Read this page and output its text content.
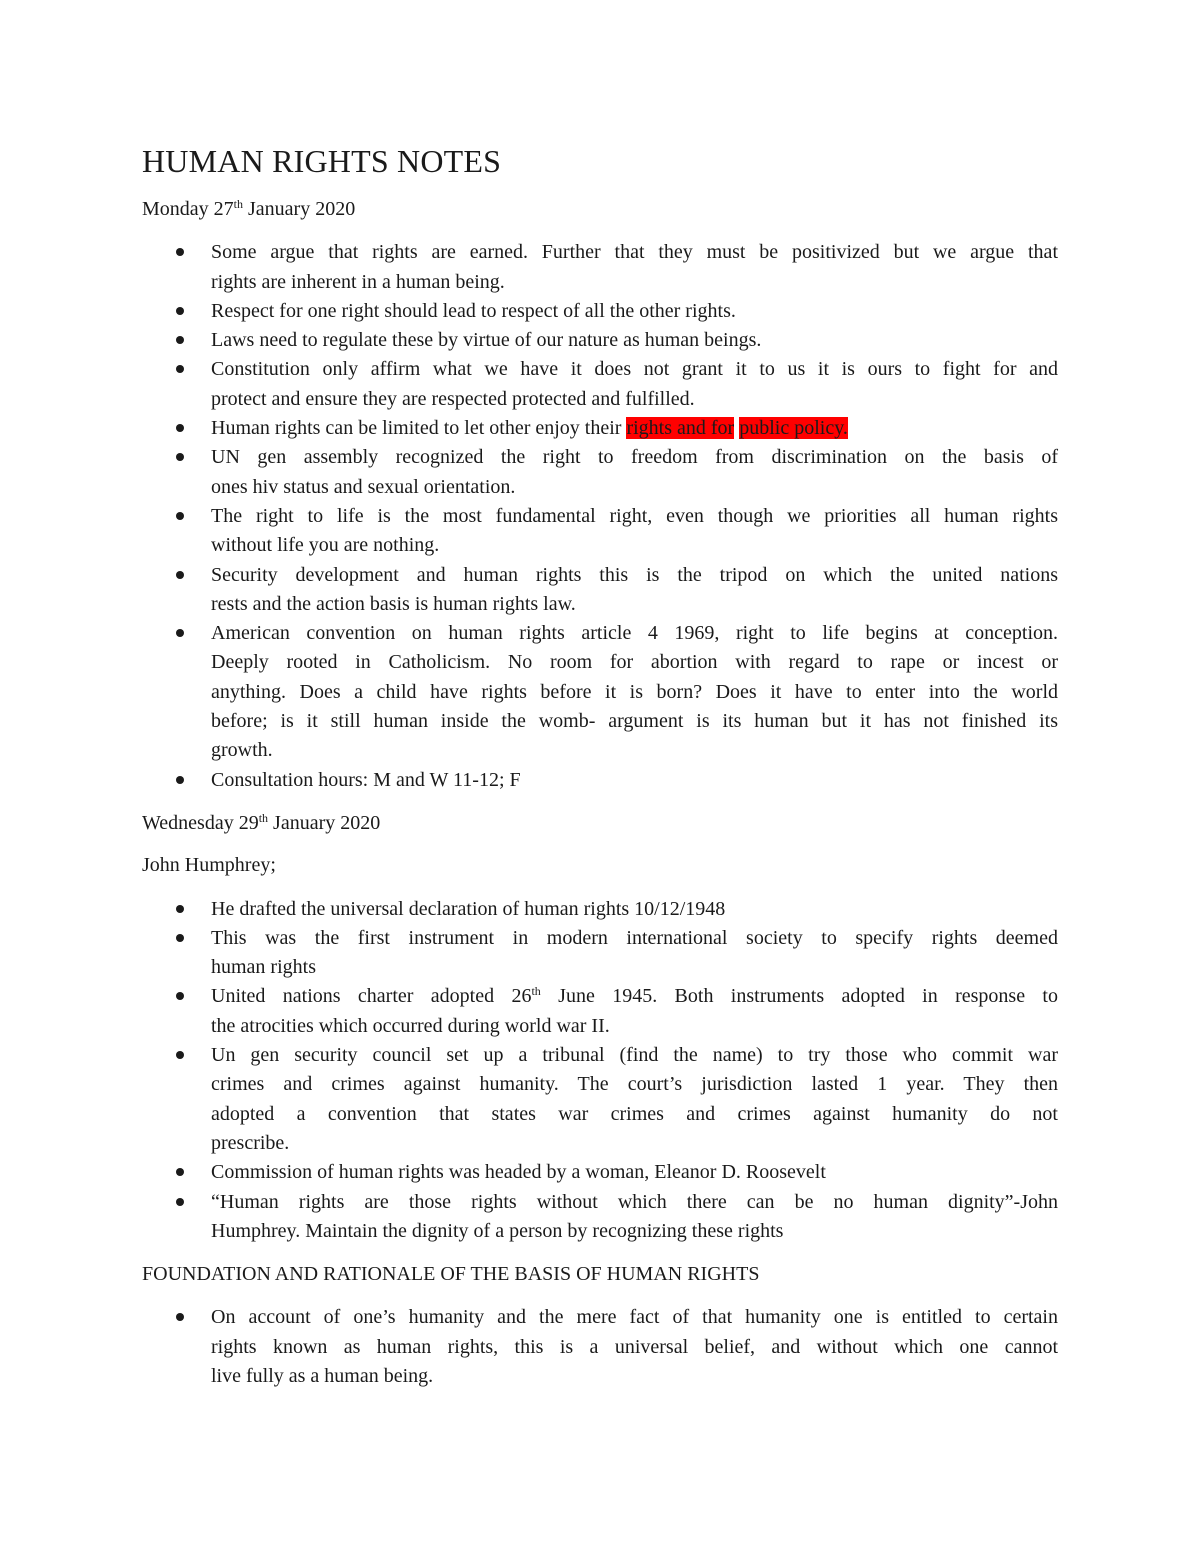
HUMAN RIGHTS NOTES

Monday 27th January 2020

Some argue that rights are earned. Further that they must be positivized but we argue that
rights are inherent in a human being.
Respect for one right should lead to respect of all the other rights.
Laws need to regulate these by virtue of our nature as human beings.
Constitution only affirm what we have it does not grant it to us it is ours to fight for and
protect and ensure they are respected protected and fulfilled.
Human rights can be limited to let other enjoy their rights and for public policy.
UN gen assembly recognized the right to freedom from discrimination on the basis of
ones hiv status and sexual orientation.
The right to life is the most fundamental right, even though we priorities all human rights
without life you are nothing.
Security development and human rights this is the tripod on which the united nations
rests and the action basis is human rights law.
American convention on human rights article 4 1969, right to life begins at conception.
Deeply rooted in Catholicism. No room for abortion with regard to rape or incest or
anything. Does a child have rights before it is born? Does it have to enter into the world
before; is it still human inside the womb- argument is its human but it has not finished its
growth.
Consultation hours: M and W 11-12; F

Wednesday 29th January 2020

John Humphrey;

He drafted the universal declaration of human rights 10/12/1948
This was the first instrument in modern international society to specify rights deemed
human rights
United nations charter adopted 26th June 1945. Both instruments adopted in response to
the atrocities which occurred during world war II.
Un gen security council set up a tribunal (find the name) to try those who commit war
crimes and crimes against humanity. The court’s jurisdiction lasted 1 year. They then
adopted a convention that states war crimes and crimes against humanity do not
prescribe.
Commission of human rights was headed by a woman, Eleanor D. Roosevelt
“Human rights are those rights without which there can be no human dignity”-John
Humphrey. Maintain the dignity of a person by recognizing these rights

FOUNDATION AND RATIONALE OF THE BASIS OF HUMAN RIGHTS

On account of one’s humanity and the mere fact of that humanity one is entitled to certain
rights known as human rights, this is a universal belief, and without which one cannot
live fully as a human being.
